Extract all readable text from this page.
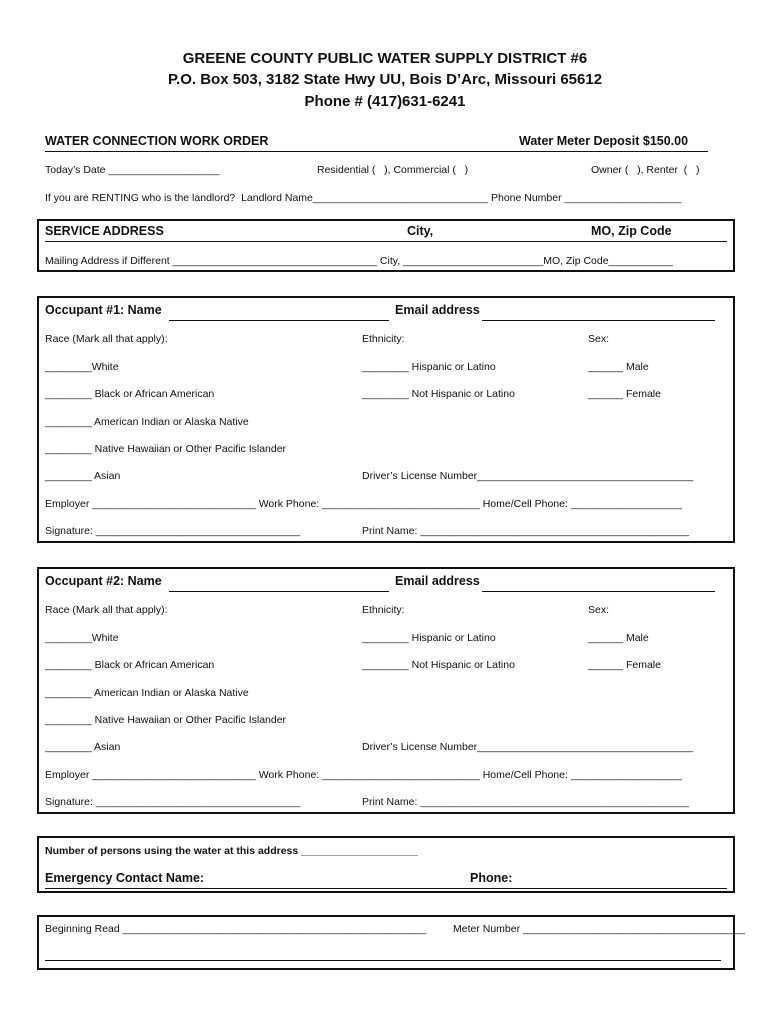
GREENE COUNTY PUBLIC WATER SUPPLY DISTRICT #6
P.O. Box 503, 3182 State Hwy UU, Bois D’Arc, Missouri 65612
Phone # (417)631-6241
WATER CONNECTION WORK ORDER	Water Meter Deposit $150.00
Today’s Date ___________________	Residential (   ), Commercial (   )	Owner (   ), Renter  (   )
If you are RENTING who is the landlord?  Landlord Name______________________________ Phone Number ____________________
SERVICE ADDRESS	City,	MO, Zip Code
Mailing Address if Different ___________________________________ City, ________________________MO, Zip Code___________
Occupant #1: Name	Email address
Race (Mark all that apply):	Ethnicity:	Sex:
________White	________ Hispanic or Latino	______ Male
________ Black or African American	________ Not Hispanic or Latino	______ Female
________ American Indian or Alaska Native
________ Native Hawaiian or Other Pacific Islander
________ Asian	Driver’s License Number_____________________________________
Employer ____________________________ Work Phone: ___________________________ Home/Cell Phone: ___________________
Signature: ___________________________________	Print Name: ______________________________________________
Occupant #2: Name	Email address
Race (Mark all that apply):	Ethnicity:	Sex:
________White	________ Hispanic or Latino	______ Male
________ Black or African American	________ Not Hispanic or Latino	______ Female
________ American Indian or Alaska Native
________ Native Hawaiian or Other Pacific Islander
________ Asian	Driver’s License Number_____________________________________
Employer ____________________________ Work Phone: ___________________________ Home/Cell Phone: ___________________
Signature: ___________________________________	Print Name: ______________________________________________
Number of persons using the water at this address ____________________
Emergency Contact Name:	Phone:
Beginning Read ____________________________________________________	Meter Number ______________________________________
